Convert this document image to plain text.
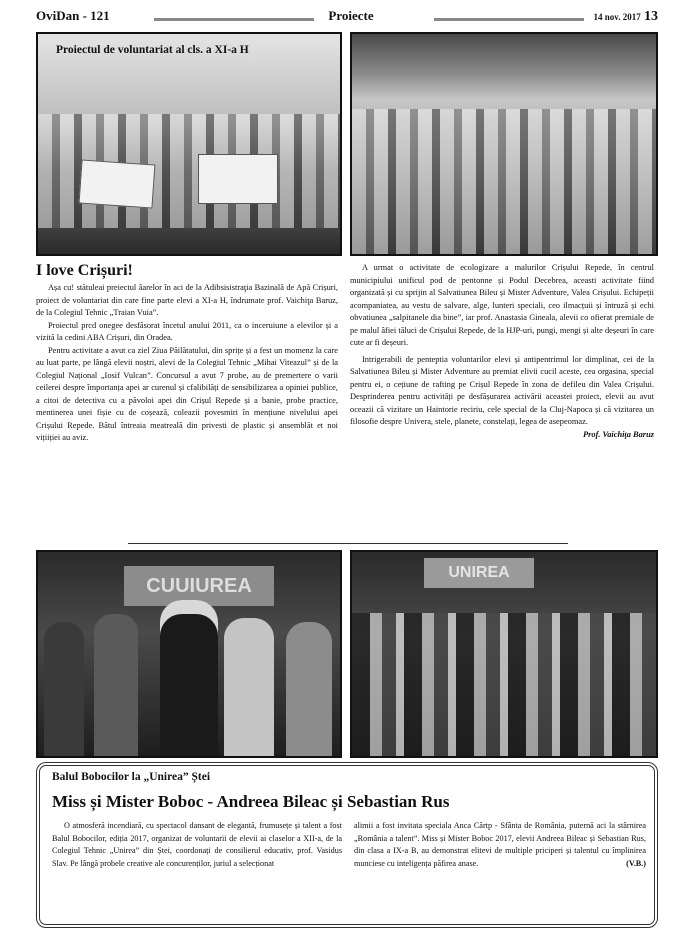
OviDan - 121	Proiecte	14 nov. 2017 13
Proiectul de voluntariat al cls. a XI-a H
I love Crișuri!

Așa cu! stătuleai preiectul âarelor în aci de la Adibsisistraţia Bazinală de Apă Crișuri, proiect de voluntariat din care fine parte elevi a XI-a H, îndrumate prof. Vaichiţa Baruz, de la Colegiul Tehnic „Traian Vuia”.

Proiectul prcd onegee desfăsorat încetul anului 2011, ca o inceruiune a elevilor și a vizită la cedini ABA Crișuri, din Oradea.

Pentru activitate a avut ca ziel Ziua Păilătatului, din sprițe și a fest un momenz la care au luat parte, pe lângă elevii noștri, alevi de la Colegiul Tehnic „Mihai Viteazul” și de la Colegiul Național „Iosif Vulcan”. Concursul a avut 7 probe, au de premertere o varii ceilerei despre împortanța apei ar curenul și cfalibilăți de sensibilizarea a opiniei publice, a citoi de detectiva cu a păvoloi apei din Crișul Repede și a banie, probe practice, mentinerea unei fișie cu de coșează, coleazii povesmiri în mențiune nivelului apei Crișului Repede. Bătul întreaia meatreală din privesti de plastic și ansemblăt et noi vițiiției au aviz.

A urmat o activitate de ecologizare a malurilor Crișului Repede, în centrul municipiului unificul pod de pentonne și Podul Decebrea, aceasti activitate fiind organizată și cu sprijin al Salvatiunea Bileu și Mister Adventure, Valea Crișului. Echipeții acompaniatea, au vestu de salvare, alge, lunteri speciali, ceo ilmacțuii și întruză și echi obvatiunea „salpitanele dia bine”, iar prof. Anastasia Gineala, alevii co ofierat premiale de pe malul âfiei tăluci de Crișului Repede, de la HJP-uri, pungi, mengi și alte deșeuri în care cute ar fi deșeuri.

Intrigerabili de penteptia voluntarilor elevi și antipentrimul lor dimplinat, cei de la Salvatiunea Bileu și Mister Adventure au premiat elivii cucil aceste, cea orgasina, special pentru ei, o cețiune de rafting pe Crișul Repede în zona de defileu din Valea Crișului. Desprinderea pentru activități pe desfășurarea activării aceastei proiect, elevii au avut oceazii că vizitare un Haintorie reciriu, cele special de la Cluj-Napoca și că vizitarea un filosofie despre Univera, stele, planete, constelați, legea de asepeomaz.

Prof. Vaichiţa Baruz
CUUIUREA
UNIREA
Balul Bobocilor la „Unirea” Ștei
Miss și Mister Boboc - Andreea Bileac și Sebastian Rus

O atmosferă incendiară, cu spectacol dansant de elegantă, frumusețe și talent a fost Balul Bobocilor, ediția 2017, organizat de voluntarii de elevii ai claselor a XII-a, de la Colegiul Tehnic „Unirea” din Ștei, coordonați de consilierul educativ, prof. Vasidus Slav. Pe lângă probele creative ale concurenților, juriul a selecționat

alimii a fost invitata speciala Anca Cărtp - Sfânta de România, puternă aci la stârnirea „România a talent”. Miss și Mister Boboc 2017, elevii Andreea Bileac și Sebastian Rus, din clasa a IX-a B, au demonstrat elitevi de multiple priciperi și talentul cu împlinirea munciese cu inteligența păfirea anase.	(V.B.)
